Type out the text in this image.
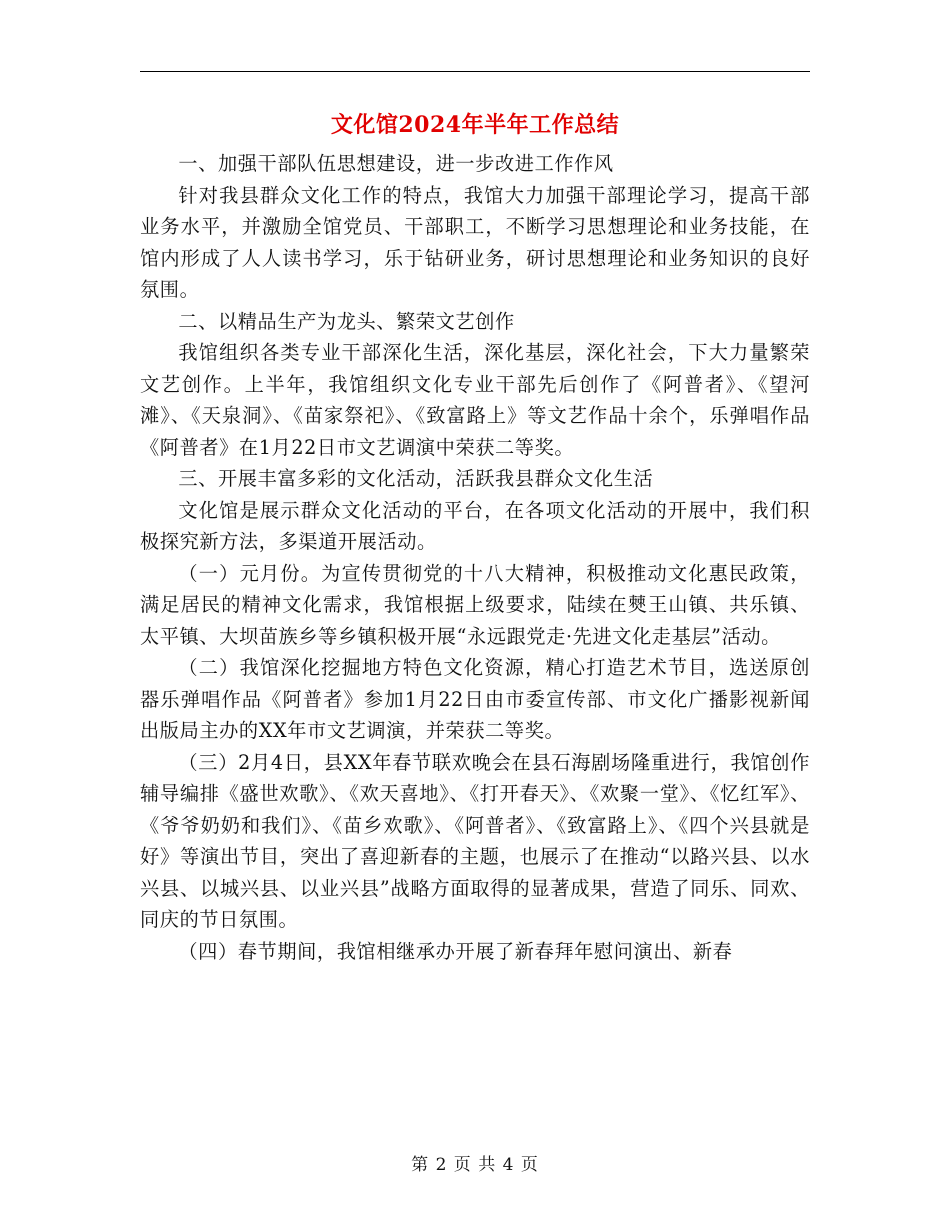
文化馆2024年半年工作总结

一、加强干部队伍思想建设，进一步改进工作作风

针对我县群众文化工作的特点，我馆大力加强干部理论学习，提高干部业务水平，并激励全馆党员、干部职工，不断学习思想理论和业务技能，在馆内形成了人人读书学习，乐于钻研业务，研讨思想理论和业务知识的良好氛围。

二、以精品生产为龙头、繁荣文艺创作

我馆组织各类专业干部深化生活，深化基层，深化社会，下大力量繁荣文艺创作。上半年，我馆组织文化专业干部先后创作了《阿普者》、《望河滩》、《天泉洞》、《苗家祭祀》、《致富路上》等文艺作品十余个，乐弹唱作品《阿普者》在1月22日市文艺调演中荣获二等奖。

三、开展丰富多彩的文化活动，活跃我县群众文化生活

文化馆是展示群众文化活动的平台，在各项文化活动的开展中，我们积极探究新方法，多渠道开展活动。

（一）元月份。为宣传贯彻党的十八大精神，积极推动文化惠民政策，满足居民的精神文化需求，我馆根据上级要求，陆续在僰王山镇、共乐镇、太平镇、大坝苗族乡等乡镇积极开展“永远跟党走·先进文化走基层”活动。

（二）我馆深化挖掘地方特色文化资源，精心打造艺术节目，选送原创器乐弹唱作品《阿普者》参加1月22日由市委宣传部、市文化广播影视新闻出版局主办的XX年市文艺调演，并荣获二等奖。

（三）2月4日，县XX年春节联欢晚会在县石海剧场隆重进行，我馆创作辅导编排《盛世欢歌》、《欢天喜地》、《打开春天》、《欢聚一堂》、《忆红军》、《爷爷奶奶和我们》、《苗乡欢歌》、《阿普者》、《致富路上》、《四个兴县就是好》等演出节目，突出了喜迎新春的主题，也展示了在推动“以路兴县、以水兴县、以城兴县、以业兴县”战略方面取得的显著成果，营造了同乐、同欢、同庆的节日氛围。

（四）春节期间，我馆相继承办开展了新春拜年慰问演出、新春

第 2 页 共 4 页
